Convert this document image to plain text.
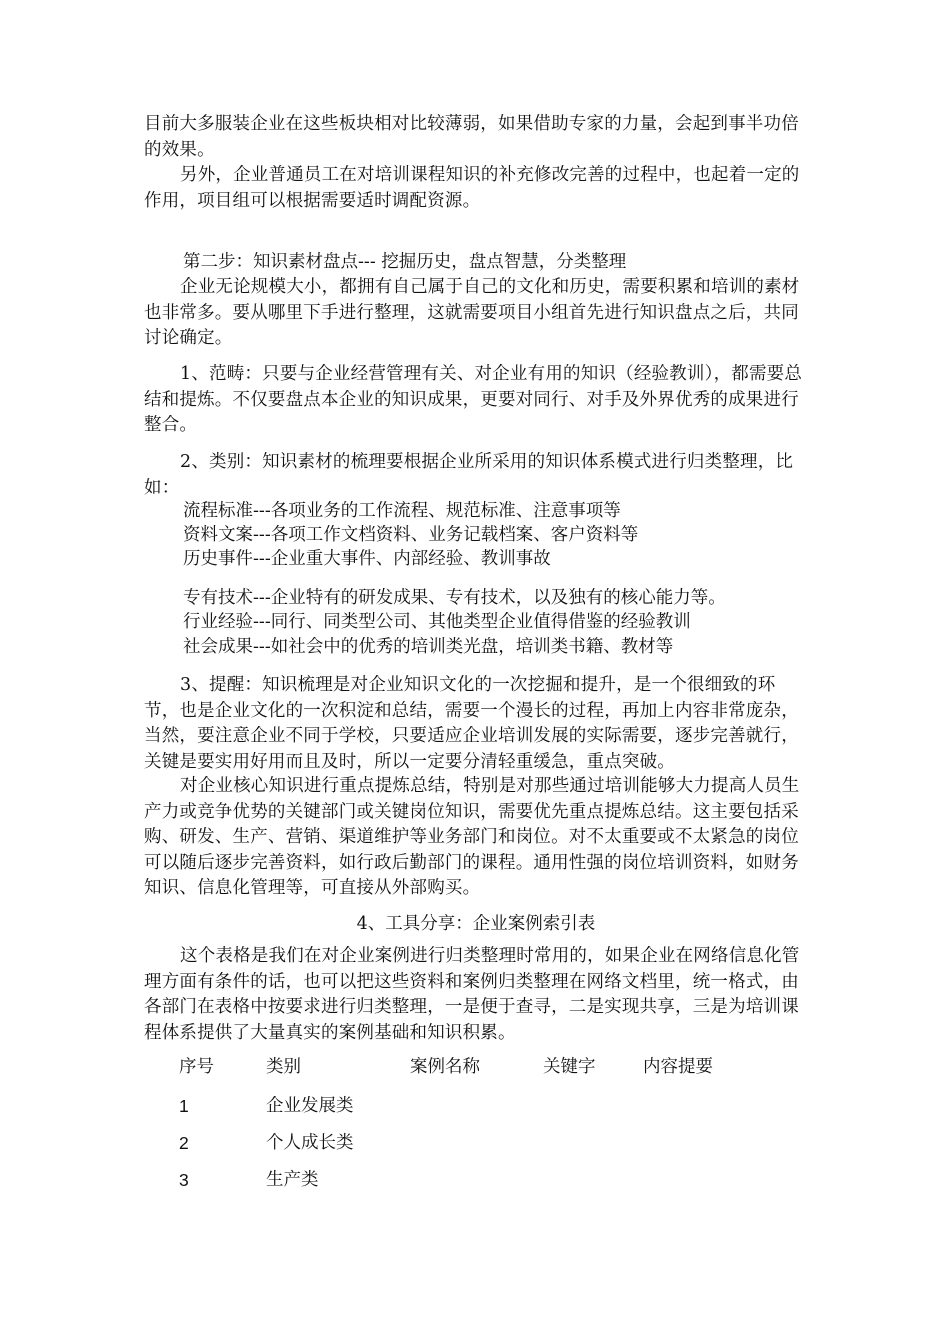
目前大多服装企业在这些板块相对比较薄弱，如果借助专家的力量，会起到事半功倍的效果。

另外，企业普通员工在对培训课程知识的补充修改完善的过程中，也起着一定的作用，项目组可以根据需要适时调配资源。

第二步：知识素材盘点--- 挖掘历史，盘点智慧，分类整理

企业无论规模大小，都拥有自己属于自己的文化和历史，需要积累和培训的素材也非常多。要从哪里下手进行整理，这就需要项目小组首先进行知识盘点之后，共同讨论确定。

1、范畴：只要与企业经营管理有关、对企业有用的知识（经验教训），都需要总结和提炼。不仅要盘点本企业的知识成果，更要对同行、对手及外界优秀的成果进行整合。

2、类别：知识素材的梳理要根据企业所采用的知识体系模式进行归类整理，比如：

流程标准---各项业务的工作流程、规范标准、注意事项等
资料文案---各项工作文档资料、业务记载档案、客户资料等
历史事件---企业重大事件、内部经验、教训事故
专有技术---企业特有的研发成果、专有技术，以及独有的核心能力等。
行业经验---同行、同类型公司、其他类型企业值得借鉴的经验教训
社会成果---如社会中的优秀的培训类光盘，培训类书籍、教材等

3、提醒：知识梳理是对企业知识文化的一次挖掘和提升，是一个很细致的环节，也是企业文化的一次积淀和总结，需要一个漫长的过程，再加上内容非常庞杂，当然，要注意企业不同于学校，只要适应企业培训发展的实际需要，逐步完善就行，关键是要实用好用而且及时，所以一定要分清轻重缓急，重点突破。

对企业核心知识进行重点提炼总结，特别是对那些通过培训能够大力提高人员生产力或竞争优势的关键部门或关键岗位知识，需要优先重点提炼总结。这主要包括采购、研发、生产、营销、渠道维护等业务部门和岗位。对不太重要或不太紧急的岗位可以随后逐步完善资料，如行政后勤部门的课程。通用性强的岗位培训资料，如财务知识、信息化管理等，可直接从外部购买。

4、工具分享：企业案例索引表

这个表格是我们在对企业案例进行归类整理时常用的，如果企业在网络信息化管理方面有条件的话，也可以把这些资料和案例归类整理在网络文档里，统一格式，由各部门在表格中按要求进行归类整理，一是便于查寻，二是实现共享，三是为培训课程体系提供了大量真实的案例基础和知识积累。

序号	类别	案例名称	关键字	内容提要
1	企业发展类
2	个人成长类
3	生产类
